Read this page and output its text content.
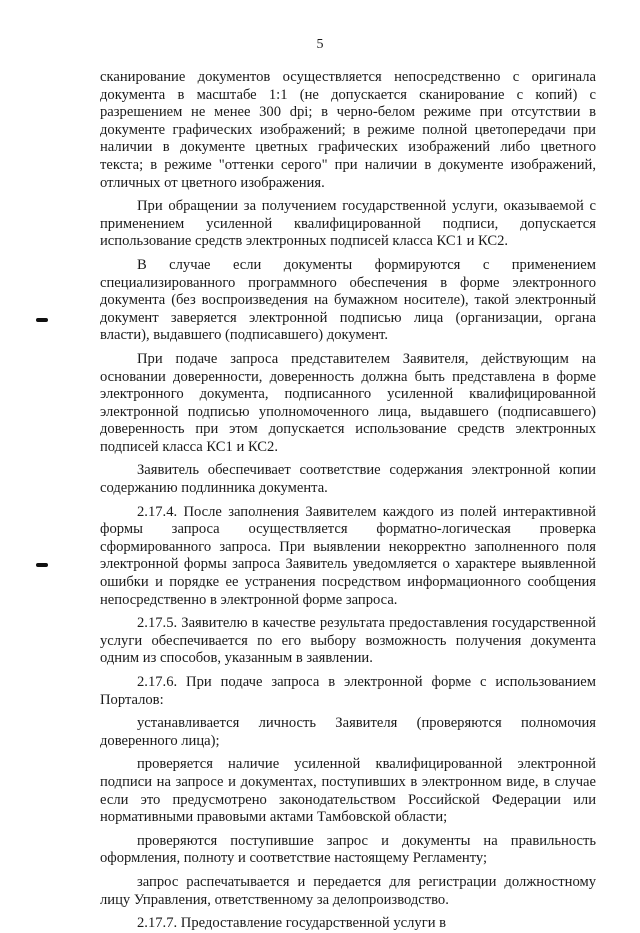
5

сканирование документов осуществляется непосредственно с оригинала документа в масштабе 1:1 (не допускается сканирование с копий) с разрешением не менее 300 dpi; в черно-белом режиме при отсутствии в документе графических изображений; в режиме полной цветопередачи при наличии в документе цветных графических изображений либо цветного текста; в режиме "оттенки серого" при наличии в документе изображений, отличных от цветного изображения.

При обращении за получением государственной услуги, оказываемой с применением усиленной квалифицированной подписи, допускается использование средств электронных подписей класса КС1 и КС2.

В случае если документы формируются с применением специализированного программного обеспечения в форме электронного документа (без воспроизведения на бумажном носителе), такой электронный документ заверяется электронной подписью лица (организации, органа власти), выдавшего (подписавшего) документ.

При подаче запроса представителем Заявителя, действующим на основании доверенности, доверенность должна быть представлена в форме электронного документа, подписанного усиленной квалифицированной электронной подписью уполномоченного лица, выдавшего (подписавшего) доверенность при этом допускается использование средств электронных подписей класса КС1 и КС2.

Заявитель обеспечивает соответствие содержания электронной копии содержанию подлинника документа.

2.17.4. После заполнения Заявителем каждого из полей интерактивной формы запроса осуществляется форматно-логическая проверка сформированного запроса. При выявлении некорректно заполненного поля электронной формы запроса Заявитель уведомляется о характере выявленной ошибки и порядке ее устранения посредством информационного сообщения непосредственно в электронной форме запроса.

2.17.5. Заявителю в качестве результата предоставления государственной услуги обеспечивается по его выбору возможность получения документа одним из способов, указанным в заявлении.

2.17.6. При подаче запроса в электронной форме с использованием Порталов:

устанавливается личность Заявителя (проверяются полномочия доверенного лица);

проверяется наличие усиленной квалифицированной электронной подписи на запросе и документах, поступивших в электронном виде, в случае если это предусмотрено законодательством Российской Федерации или нормативными правовыми актами Тамбовской области;

проверяются поступившие запрос и документы на правильность оформления, полноту и соответствие настоящему Регламенту;

запрос распечатывается и передается для регистрации должностному лицу Управления, ответственному за делопроизводство.

2.17.7. Предоставление государственной услуги в
